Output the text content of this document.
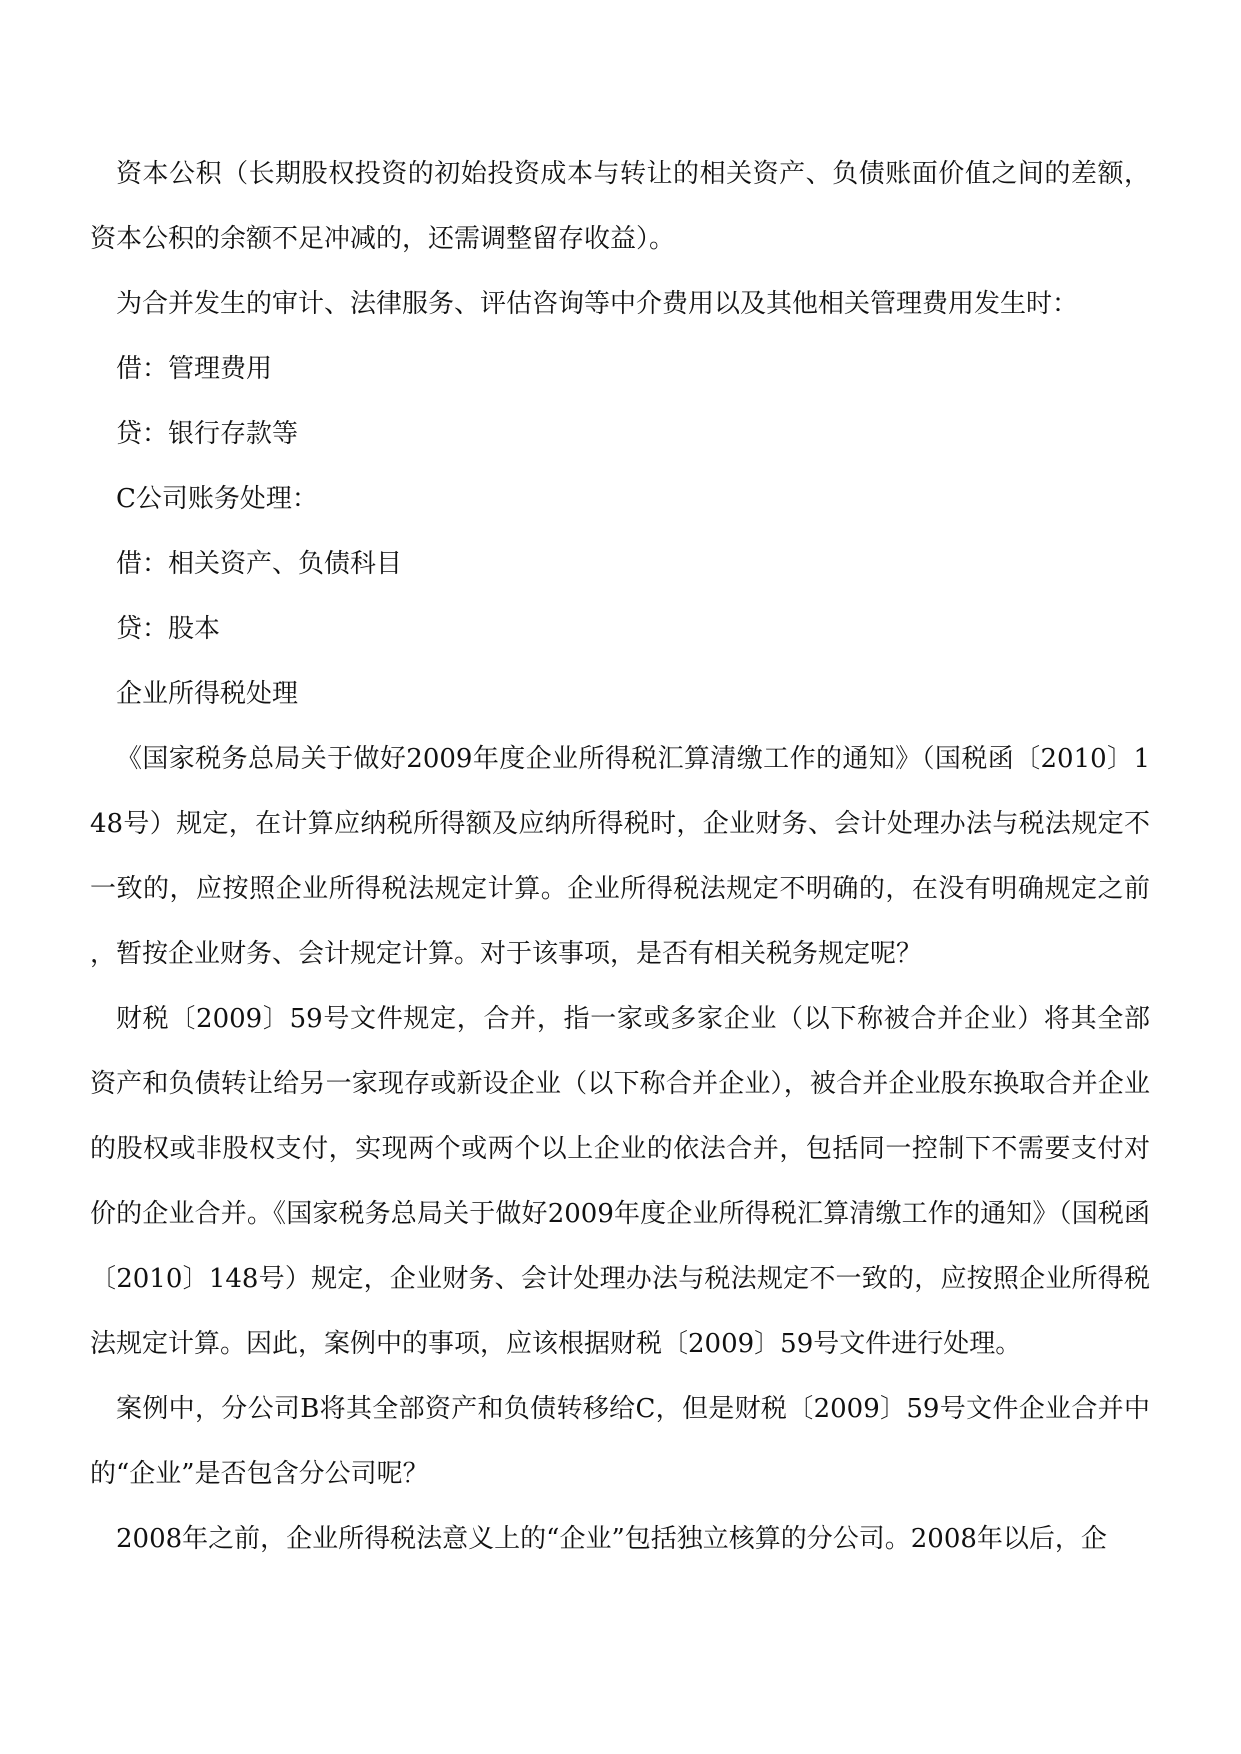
资本公积（长期股权投资的初始投资成本与转让的相关资产、负债账面价值之间的差额，资本公积的余额不足冲减的，还需调整留存收益）。

为合并发生的审计、法律服务、评估咨询等中介费用以及其他相关管理费用发生时：

借：管理费用

贷：银行存款等

C公司账务处理：

借：相关资产、负债科目

贷：股本

企业所得税处理

《国家税务总局关于做好2009年度企业所得税汇算清缴工作的通知》（国税函〔2010〕148号）规定，在计算应纳税所得额及应纳所得税时，企业财务、会计处理办法与税法规定不一致的，应按照企业所得税法规定计算。企业所得税法规定不明确的，在没有明确规定之前，暂按企业财务、会计规定计算。对于该事项，是否有相关税务规定呢？

财税〔2009〕59号文件规定，合并，指一家或多家企业（以下称被合并企业）将其全部资产和负债转让给另一家现存或新设企业（以下称合并企业），被合并企业股东换取合并企业的股权或非股权支付，实现两个或两个以上企业的依法合并，包括同一控制下不需要支付对价的企业合并。《国家税务总局关于做好2009年度企业所得税汇算清缴工作的通知》（国税函〔2010〕148号）规定，企业财务、会计处理办法与税法规定不一致的，应按照企业所得税法规定计算。因此，案例中的事项，应该根据财税〔2009〕59号文件进行处理。

案例中，分公司B将其全部资产和负债转移给C，但是财税〔2009〕59号文件企业合并中的“企业”是否包含分公司呢？

2008年之前，企业所得税法意义上的“企业”包括独立核算的分公司。2008年以后，企
